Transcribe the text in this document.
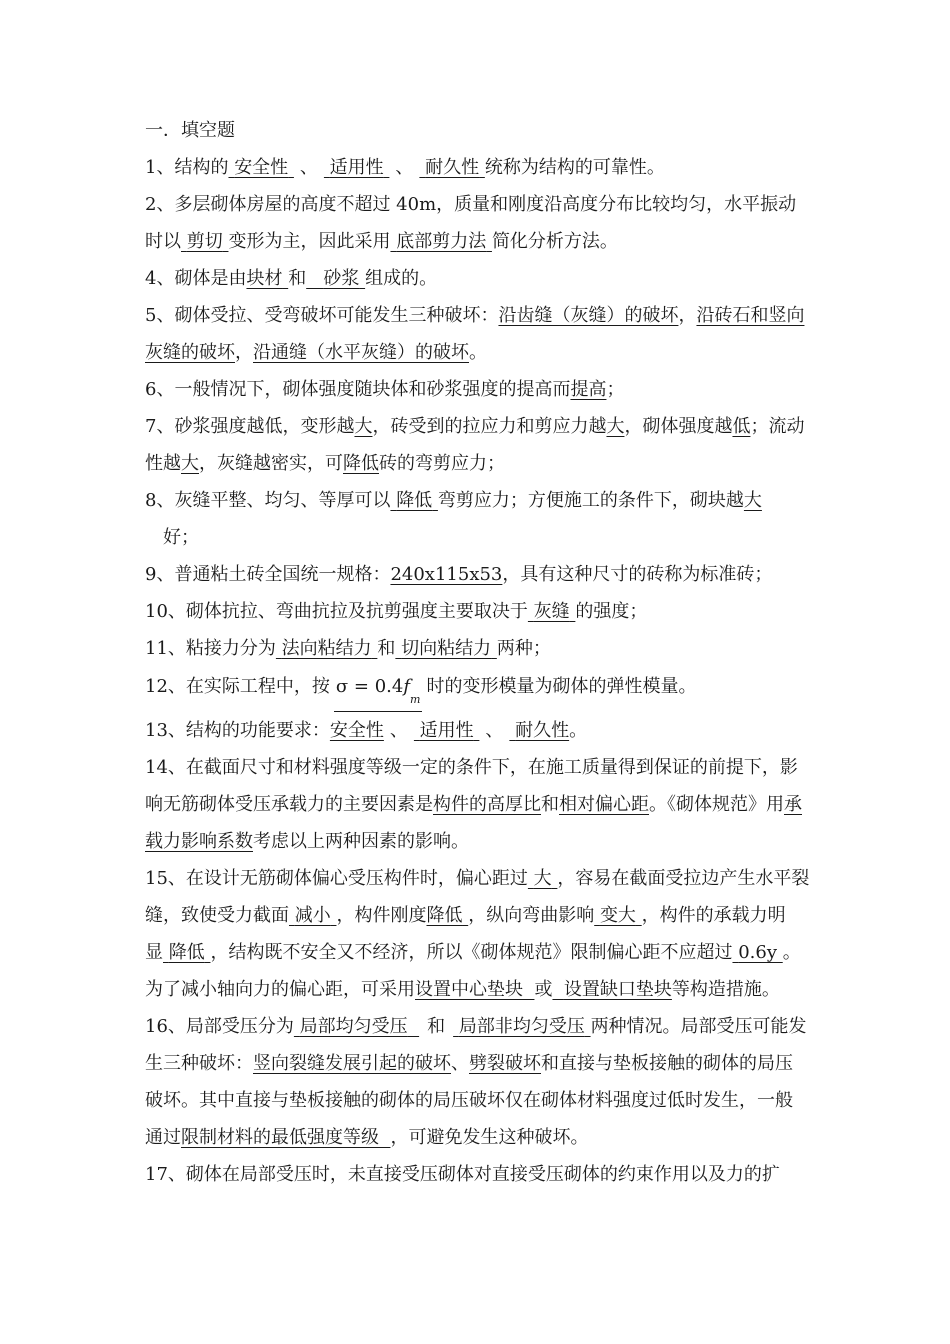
一．填空题

1、结构的 安全性 、 适用性 、 耐久性 统称为结构的可靠性。

2、多层砌体房屋的高度不超过 40m，质量和刚度沿高度分布比较均匀，水平振动时以 剪切 变形为主，因此采用 底部剪力法 简化分析方法。

4、砌体是由块材 和 砂浆 组成的。

5、砌体受拉、受弯破坏可能发生三种破坏：沿齿缝（灰缝）的破坏，沿砖石和竖向灰缝的破坏，沿通缝（水平灰缝）的破坏。

6、一般情况下，砌体强度随块体和砂浆强度的提高而提高；

7、砂浆强度越低，变形越大，砖受到的拉应力和剪应力越大，砌体强度越低；流动性越大，灰缝越密实，可降低砖的弯剪应力；

8、灰缝平整、均匀、等厚可以 降低 弯剪应力；方便施工的条件下，砌块越大
好；

9、普通粘土砖全国统一规格：240x115x53，具有这种尺寸的砖称为标准砖；

10、砌体抗拉、弯曲抗拉及抗剪强度主要取决于 灰缝 的强度；

11、粘接力分为 法向粘结力 和 切向粘结力 两种；

12、在实际工程中，按 $\sigma = 0.4f_m$时的变形模量为砌体的弹性模量。

13、结构的功能要求：安全性 、 适用性 、 耐久性。

14、在截面尺寸和材料强度等级一定的条件下，在施工质量得到保证的前提下，影响无筋砌体受压承载力的主要因素是构件的高厚比和相对偏心距。《砌体规范》用承载力影响系数考虑以上两种因素的影响。

15、在设计无筋砌体偏心受压构件时，偏心距过 大 ，容易在截面受拉边产生水平裂缝，致使受力截面 减小 ，构件刚度降低 ，纵向弯曲影响 变大 ，构件的承载力明显 降低 ，结构既不安全又不经济，所以《砌体规范》限制偏心距不应超过 0.6y 。为了减小轴向力的偏心距，可采用设置中心垫块 或 设置缺口垫块等构造措施。

16、局部受压分为 局部均匀受压 和 局部非均匀受压 两种情况。局部受压可能发生三种破坏：竖向裂缝发展引起的破坏、劈裂破坏和直接与垫板接触的砌体的局压破坏。其中直接与垫板接触的砌体的局压破坏仅在砌体材料强度过低时发生，一般通过限制材料的最低强度等级 ，可避免发生这种破坏。

17、砌体在局部受压时，未直接受压砌体对直接受压砌体的约束作用以及力的扩
